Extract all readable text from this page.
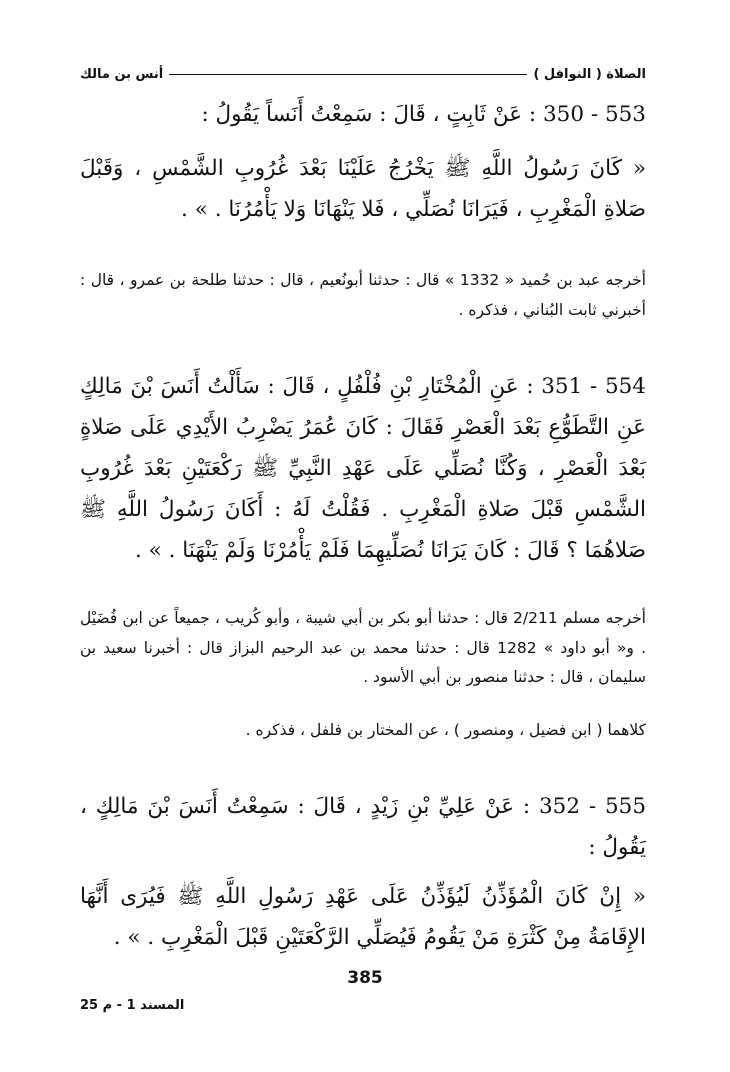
الصلاة ( النوافل )
أنس بن مالك
553 - 350 : عَنْ ثَابِتٍ ، قَالَ : سَمِعْتُ أَنَساً يَقُولُ :
« كَانَ رَسُولُ اللَّهِ ﷺ يَخْرُجُ عَلَيْنَا بَعْدَ غُرُوبِ الشَّمْسِ ، وَقَبْلَ صَلاةِ الْمَغْرِبِ ، فَيَرَانَا نُصَلِّي ، فَلا يَنْهَانَا وَلا يَأْمُرُنَا . » .
أخرجه عبد بن حُميد « 1332 » قال : حدثنا أبونُعيم ، قال : حدثنا طلحة بن عمرو ، قال : أخبرني ثابت البُناني ، فذكره .
554 - 351 : عَنِ الْمُخْتَارِ بْنِ فُلْفُلٍ ، قَالَ : سَأَلْتُ أَنَسَ بْنَ مَالِكٍ عَنِ التَّطَوُّعِ بَعْدَ الْعَصْرِ فَقَالَ : كَانَ عُمَرُ يَضْرِبُ الأَيْدِي عَلَى صَلاةٍ بَعْدَ الْعَصْرِ ، وَكُنَّا نُصَلِّي عَلَى عَهْدِ النَّبِيِّ ﷺ رَكْعَتَيْنِ بَعْدَ غُرُوبِ الشَّمْسِ قَبْلَ صَلاةِ الْمَغْرِبِ . فَقُلْتُ لَهُ : أَكَانَ رَسُولُ اللَّهِ ﷺ صَلاهُمَا ؟ قَالَ : كَانَ يَرَانَا نُصَلِّيهِمَا فَلَمْ يَأْمُرْنَا وَلَمْ يَنْهَنَا . » .
أخرجه مسلم 2/211 قال : حدثنا أبو بكر بن أبي شيبة ، وأبو كُريب ، جميعاً عن ابن فُضَيْل . و« أبو داود » 1282 قال : حدثنا محمد بن عبد الرحيم البزاز قال : أخبرنا سعيد بن سليمان ، قال : حدثنا منصور بن أبي الأسود .
كلاهما ( ابن فضيل ، ومنصور ) ، عن المختار بن فلفل ، فذكره .
555 - 352 : عَنْ عَلِيِّ بْنِ زَيْدٍ ، قَالَ : سَمِعْتُ أَنَسَ بْنَ مَالِكٍ ، يَقُولُ :
« إِنْ كَانَ الْمُؤَذِّنُ لَيُؤَذِّنُ عَلَى عَهْدِ رَسُولِ اللَّهِ ﷺ فَيُرَى أَنَّهَا الإِقَامَةُ مِنْ كَثْرَةِ مَنْ يَقُومُ فَيُصَلِّي الرَّكْعَتَيْنِ قَبْلَ الْمَغْرِبِ . » .
385
المسند 1 - م 25
